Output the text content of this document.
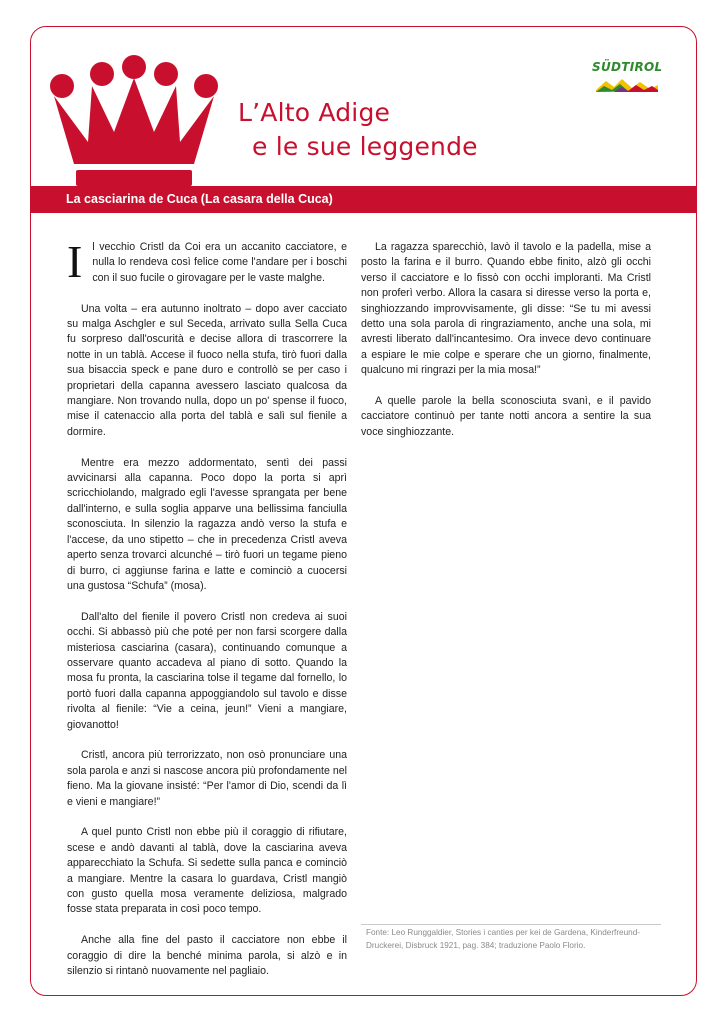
L’Alto Adige
e le sue leggende
SÜDTIROL
La casciarina de Cuca (La casara della Cuca)

I l vecchio Cristl da Coi era un accanito cacciatore, e nulla lo rendeva così felice come l'andare per i boschi con il suo fucile o girovagare per le vaste malghe.

Una volta – era autunno inoltrato – dopo aver cacciato su malga Aschgler e sul Seceda, arrivato sulla Sella Cuca fu sorpreso dall'oscurità e decise allora di trascorrere la notte in un tablà. Accese il fuoco nella stufa, tirò fuori dalla sua bisaccia speck e pane duro e controllò se per caso i proprietari della capanna avessero lasciato qualcosa da mangiare. Non trovando nulla, dopo un po' spense il fuoco, mise il catenaccio alla porta del tablà e salì sul fienile a dormire.

Mentre era mezzo addormentato, sentì dei passi avvicinarsi alla capanna. Poco dopo la porta si aprì scricchiolando, malgrado egli l'avesse sprangata per bene dall'interno, e sulla soglia apparve una bellissima fanciulla sconosciuta. In silenzio la ragazza andò verso la stufa e l'accese, da uno stipetto – che in precedenza Cristl aveva aperto senza trovarci alcunché – tirò fuori un tegame pieno di burro, ci aggiunse farina e latte e cominciò a cuocersi una gustosa “Schufa” (mosa).

Dall'alto del fienile il povero Cristl non credeva ai suoi occhi. Si abbassò più che poté per non farsi scorgere dalla misteriosa casciarina (casara), continuando comunque a osservare quanto accadeva al piano di sotto. Quando la mosa fu pronta, la casciarina tolse il tegame dal fornello, lo portò fuori dalla capanna appoggiandolo sul tavolo e disse rivolta al fienile: “Vie a ceina, jeun!” Vieni a mangiare, giovanotto!

Cristl, ancora più terrorizzato, non osò pronunciare una sola parola e anzi si nascose ancora più profondamente nel fieno. Ma la giovane insisté: “Per l'amor di Dio, scendi da lì e vieni e mangiare!”

A quel punto Cristl non ebbe più il coraggio di rifiutare, scese e andò davanti al tablà, dove la casciarina aveva apparecchiato la Schufa. Si sedette sulla panca e cominciò a mangiare. Mentre la casara lo guardava, Cristl mangiò con gusto quella mosa veramente deliziosa, malgrado fosse stata preparata in così poco tempo.

Anche alla fine del pasto il cacciatore non ebbe il coraggio di dire la benché minima parola, si alzò e in silenzio si rintanò nuovamente nel pagliaio.

La ragazza sparecchiò, lavò il tavolo e la padella, mise a posto la farina e il burro. Quando ebbe finito, alzò gli occhi verso il cacciatore e lo fissò con occhi imploranti. Ma Cristl non proferì verbo. Allora la casara si diresse verso la porta e, singhiozzando improvvisamente, gli disse: “Se tu mi avessi detto una sola parola di ringraziamento, anche una sola, mi avresti liberato dall'incantesimo. Ora invece devo continuare a espiare le mie colpe e sperare che un giorno, finalmente, qualcuno mi ringrazi per la mia mosa!”

A quelle parole la bella sconosciuta svanì, e il pavido cacciatore continuò per tante notti ancora a sentire la sua voce singhiozzante.

Fonte: Leo Runggaldier, Stories i canties per kei de Gardena, Kinderfreund-Druckerei, Disbruck 1921, pag. 384; traduzione Paolo Florio.
